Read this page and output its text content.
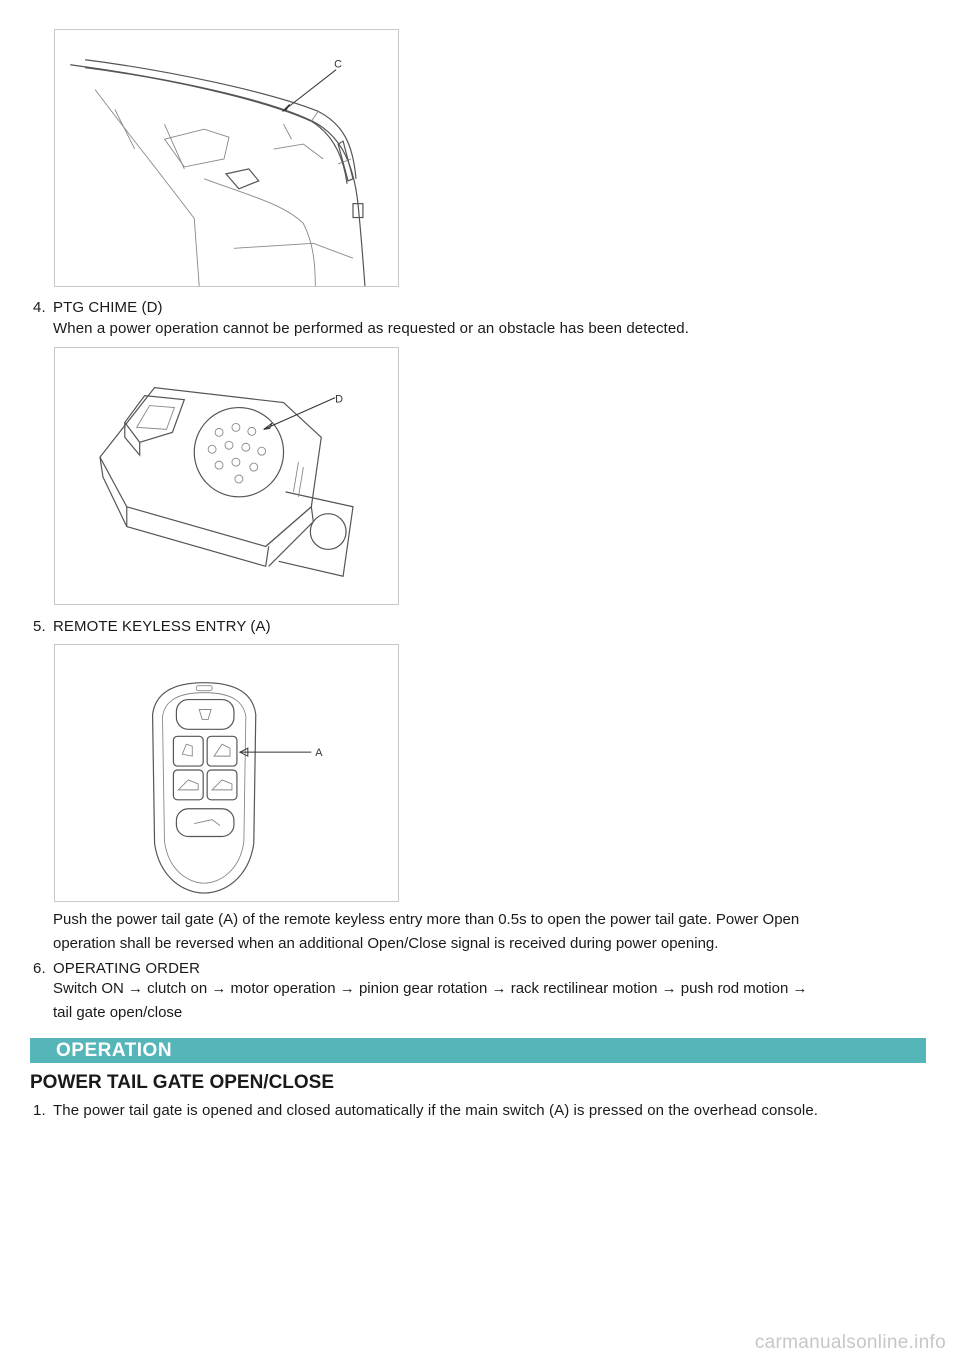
C
4. PTG CHIME (D)
When a power operation cannot be performed as requested or an obstacle has been detected.
D
5. REMOTE KEYLESS ENTRY (A)
A
Push the power tail gate (A) of the remote keyless entry more than 0.5s to open the power tail gate. Power Open
operation shall be reversed when an additional Open/Close signal is received during power opening.
6. OPERATING ORDER
Switch ON → clutch on → motor operation → pinion gear rotation → rack rectilinear motion → push rod motion →
tail gate open/close
OPERATION
POWER TAIL GATE OPEN/CLOSE
1. The power tail gate is opened and closed automatically if the main switch (A) is pressed on the overhead console.
carmanualsonline.info
